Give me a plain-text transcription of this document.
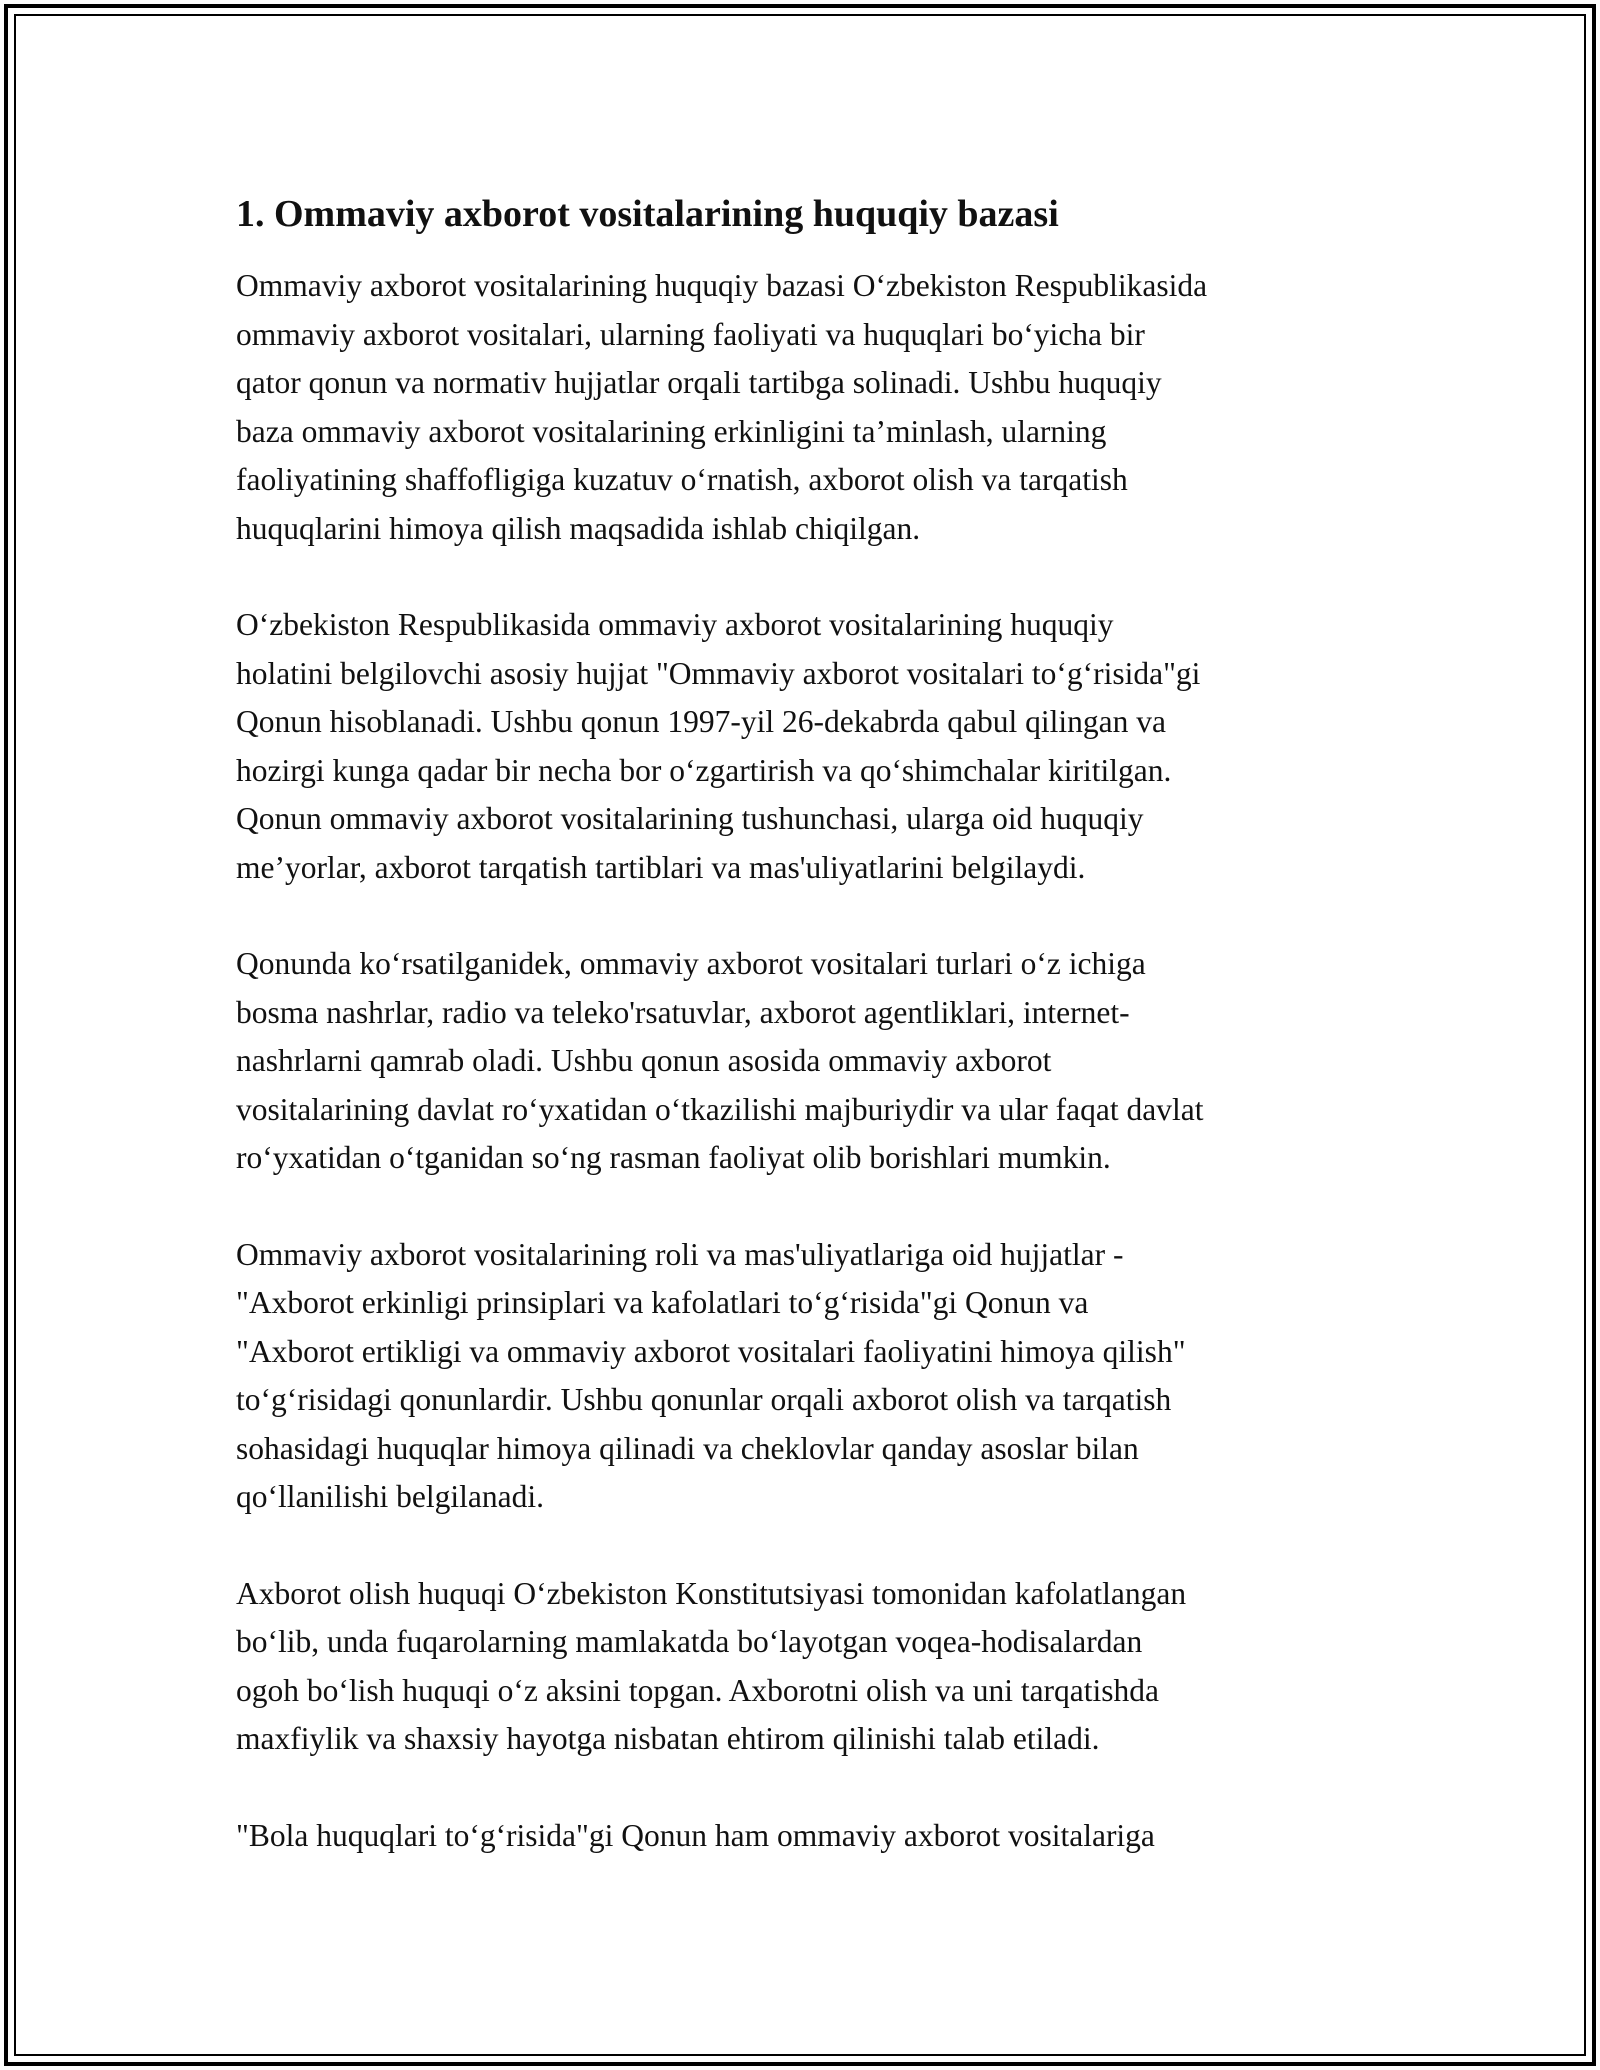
1. Ommaviy axborot vositalarining huquqiy bazasi

Ommaviy axborot vositalarining huquqiy bazasi O‘zbekiston Respublikasida
ommaviy axborot vositalari, ularning faoliyati va huquqlari bo‘yicha bir
qator qonun va normativ hujjatlar orqali tartibga solinadi. Ushbu huquqiy
baza ommaviy axborot vositalarining erkinligini ta’minlash, ularning
faoliyatining shaffofligiga kuzatuv o‘rnatish, axborot olish va tarqatish
huquqlarini himoya qilish maqsadida ishlab chiqilgan.

O‘zbekiston Respublikasida ommaviy axborot vositalarining huquqiy
holatini belgilovchi asosiy hujjat "Ommaviy axborot vositalari to‘g‘risida"gi
Qonun hisoblanadi. Ushbu qonun 1997-yil 26-dekabrda qabul qilingan va
hozirgi kunga qadar bir necha bor o‘zgartirish va qo‘shimchalar kiritilgan.
Qonun ommaviy axborot vositalarining tushunchasi, ularga oid huquqiy
me’yorlar, axborot tarqatish tartiblari va mas'uliyatlarini belgilaydi.

Qonunda ko‘rsatilganidek, ommaviy axborot vositalari turlari o‘z ichiga
bosma nashrlar, radio va teleko'rsatuvlar, axborot agentliklari, internet-
nashrlarni qamrab oladi. Ushbu qonun asosida ommaviy axborot
vositalarining davlat ro‘yxatidan o‘tkazilishi majburiydir va ular faqat davlat
ro‘yxatidan o‘tganidan so‘ng rasman faoliyat olib borishlari mumkin.

Ommaviy axborot vositalarining roli va mas'uliyatlariga oid hujjatlar -
"Axborot erkinligi prinsiplari va kafolatlari to‘g‘risida"gi Qonun va
"Axborot ertikligi va ommaviy axborot vositalari faoliyatini himoya qilish"
to‘g‘risidagi qonunlardir. Ushbu qonunlar orqali axborot olish va tarqatish
sohasidagi huquqlar himoya qilinadi va cheklovlar qanday asoslar bilan
qo‘llanilishi belgilanadi.

Axborot olish huquqi O‘zbekiston Konstitutsiyasi tomonidan kafolatlangan
bo‘lib, unda fuqarolarning mamlakatda bo‘layotgan voqea-hodisalardan
ogoh bo‘lish huquqi o‘z aksini topgan. Axborotni olish va uni tarqatishda
maxfiylik va shaxsiy hayotga nisbatan ehtirom qilinishi talab etiladi.

"Bola huquqlari to‘g‘risida"gi Qonun ham ommaviy axborot vositalariga
